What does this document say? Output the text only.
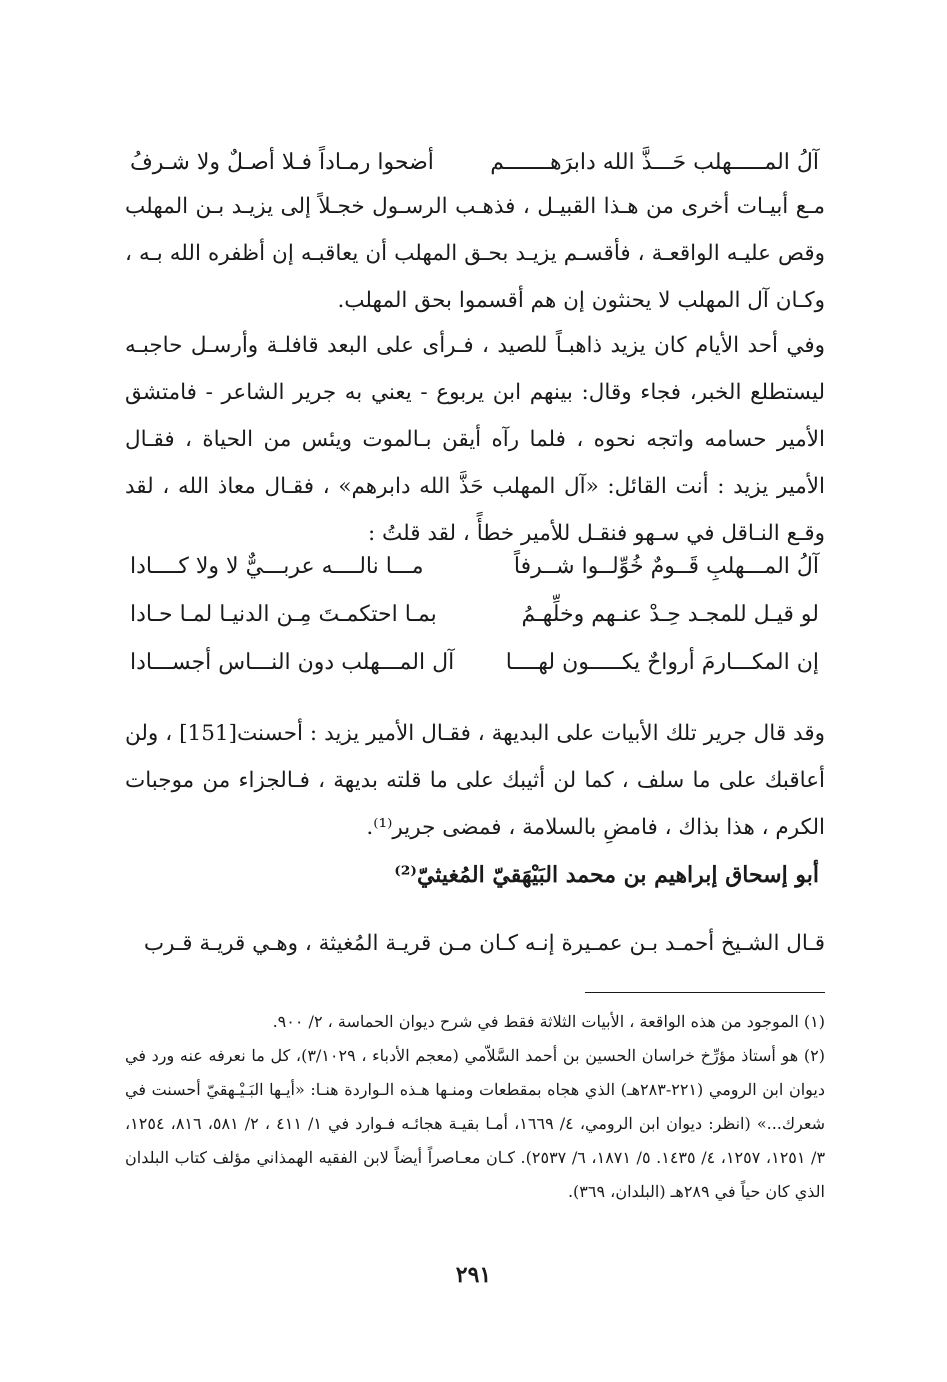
آلُ المـــــهلب حَـــذَّ الله دابرَهـــــــم
أضحوا رمـاداً فـلا أصـلٌ ولا شـرفُ

مـع أبيـات أخرى من هـذا القبيـل ، فذهـب الرسـول خجـلاً إلى يزيـد بـن المهلب وقص عليـه الواقعـة ، فأقسـم يزيـد بحـق المهلب أن يعاقبـه إن أظفره الله بـه ، وكـان آل المهلب لا يحنثون إن هم أقسموا بحق المهلب.

وفي أحد الأيام كان يزيد ذاهبـاً للصيد ، فـرأى على البعد قافلـة وأرسـل حاجبـه ليستطلع الخبر، فجاء وقال: بينهم ابن يربوع - يعني به جرير الشاعر - فامتشق الأمير حسامه واتجه نحوه ، فلما رآه أيقن بـالموت ويئس من الحياة ، فقـال الأمير يزيد : أنت القائل: «آل المهلب حَذَّ الله دابرهم» ، فقـال معاذ الله ، لقد وقـع النـاقل في سـهو فنقـل للأمير خطأً ، لقد قلتُ :

آلُ المـــهلبِ قَــومٌ خُوِّلــوا شــرفاً
مـــا نالــــه عربـــيٌّ لا ولا كــــادا
لو قيـل للمجـد حِـدْ عنـهم وخلِّهـمُ
بمـا احتكمـتَ مِـن الدنيـا لمـا حـادا
إن المكـــارمَ أرواحٌ يكـــــون لهــــا
آل المـــهلب دون النـــاس أجســـادا

وقد قال جرير تلك الأبيات على البديهة ، فقـال الأمير يزيد : أحسنت[151] ، ولن أعاقبك على ما سلف ، كما لن أثيبك على ما قلته بديهة ، فـالجزاء من موجبات الكرم ، هذا بذاك ، فامضِ بالسلامة ، فمضى جرير⁽¹⁾.

أبو إسحاق إبراهيم بن محمد البَيْهَقيّ المُغيثيّ⁽²⁾

قـال الشـيخ أحمـد بـن عمـيرة إنـه كـان مـن قريـة المُغيثة ، وهـي قريـة قـرب

(١) الموجود من هذه الواقعة ، الأبيات الثلاثة فقط في شرح ديوان الحماسة ، ٢/ ٩٠٠.

(٢) هو أستاذ مؤرِّخ خراسان الحسين بن أحمد السَّلاّمي (معجم الأدباء ، ٣/١٠٢٩)، كل ما نعرفه عنه ورد في ديوان ابن الرومي (٢٢١-٢٨٣هـ) الذي هجاه بمقطعات ومنـها هـذه الـواردة هنـا: «أيـها البَـيْـهقيّ أحسنت في شعرك...» (انظر: ديوان ابن الرومي، ٤/ ١٦٦٩، أمـا بقيـة هجائـه فـوارد في ١/ ٤١١ ، ٢/ ٥٨١، ٨١٦، ١٢٥٤، ٣/ ١٢٥١، ١٢٥٧، ٤/ ١٤٣٥. ٥/ ١٨٧١، ٦/ ٢٥٣٧). كـان معـاصراً أيضاً لابن الفقيه الهمذاني مؤلف كتاب البلدان الذي كان حياً في ٢٨٩هـ (البلدان، ٣٦٩).

٢٩١
